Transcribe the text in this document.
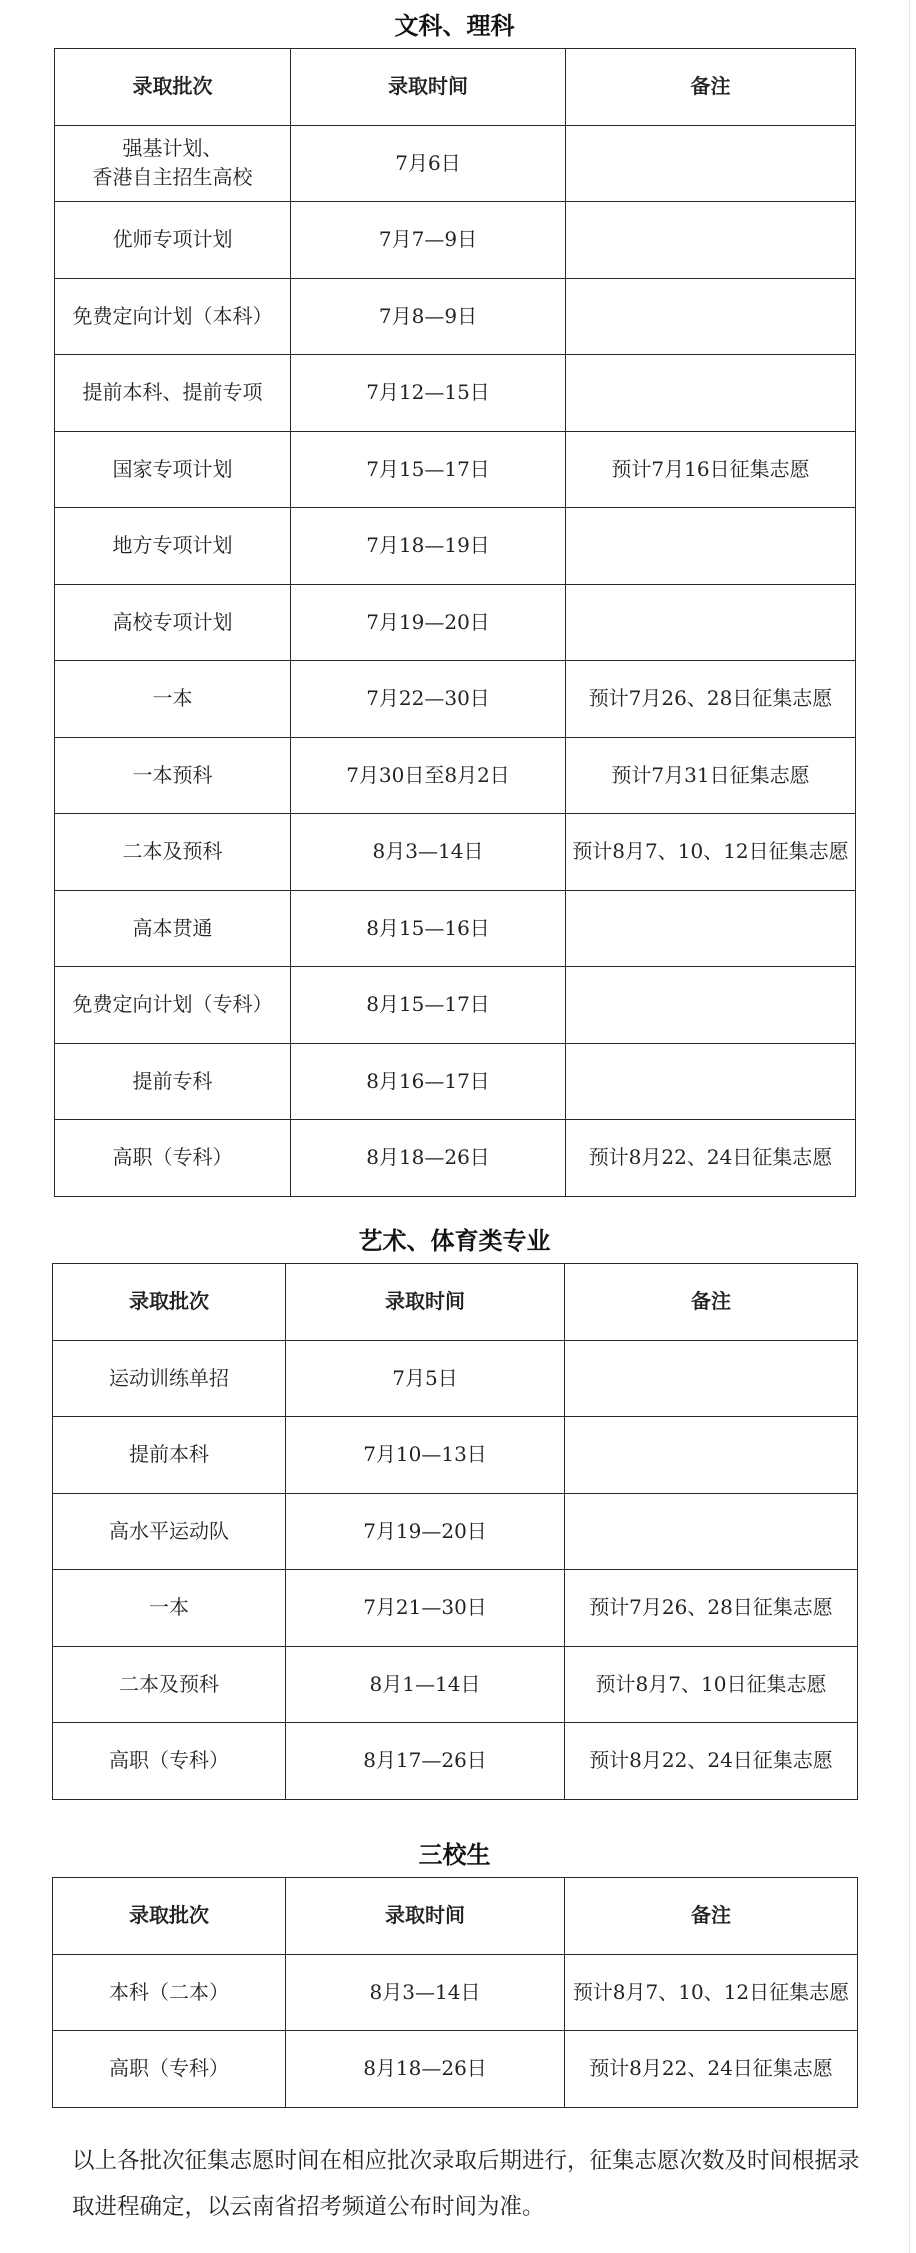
文科、理科
录取批次	录取时间	备注
强基计划、
香港自主招生高校	7月6日	
优师专项计划	7月7—9日	
免费定向计划（本科）	7月8—9日	
提前本科、提前专项	7月12—15日	
国家专项计划	7月15—17日	预计7月16日征集志愿
地方专项计划	7月18—19日	
高校专项计划	7月19—20日	
一本	7月22—30日	预计7月26、28日征集志愿
一本预科	7月30日至8月2日	预计7月31日征集志愿
二本及预科	8月3—14日	预计8月7、10、12日征集志愿
高本贯通	8月15—16日	
免费定向计划（专科）	8月15—17日	
提前专科	8月16—17日	
高职（专科）	8月18—26日	预计8月22、24日征集志愿
艺术、体育类专业
录取批次	录取时间	备注
运动训练单招	7月5日	
提前本科	7月10—13日	
高水平运动队	7月19—20日	
一本	7月21—30日	预计7月26、28日征集志愿
二本及预科	8月1—14日	预计8月7、10日征集志愿
高职（专科）	8月17—26日	预计8月22、24日征集志愿
三校生
录取批次	录取时间	备注
本科（二本）	8月3—14日	预计8月7、10、12日征集志愿
高职（专科）	8月18—26日	预计8月22、24日征集志愿
以上各批次征集志愿时间在相应批次录取后期进行，征集志愿次数及时间根据录取进程确定，以云南省招考频道公布时间为准。
